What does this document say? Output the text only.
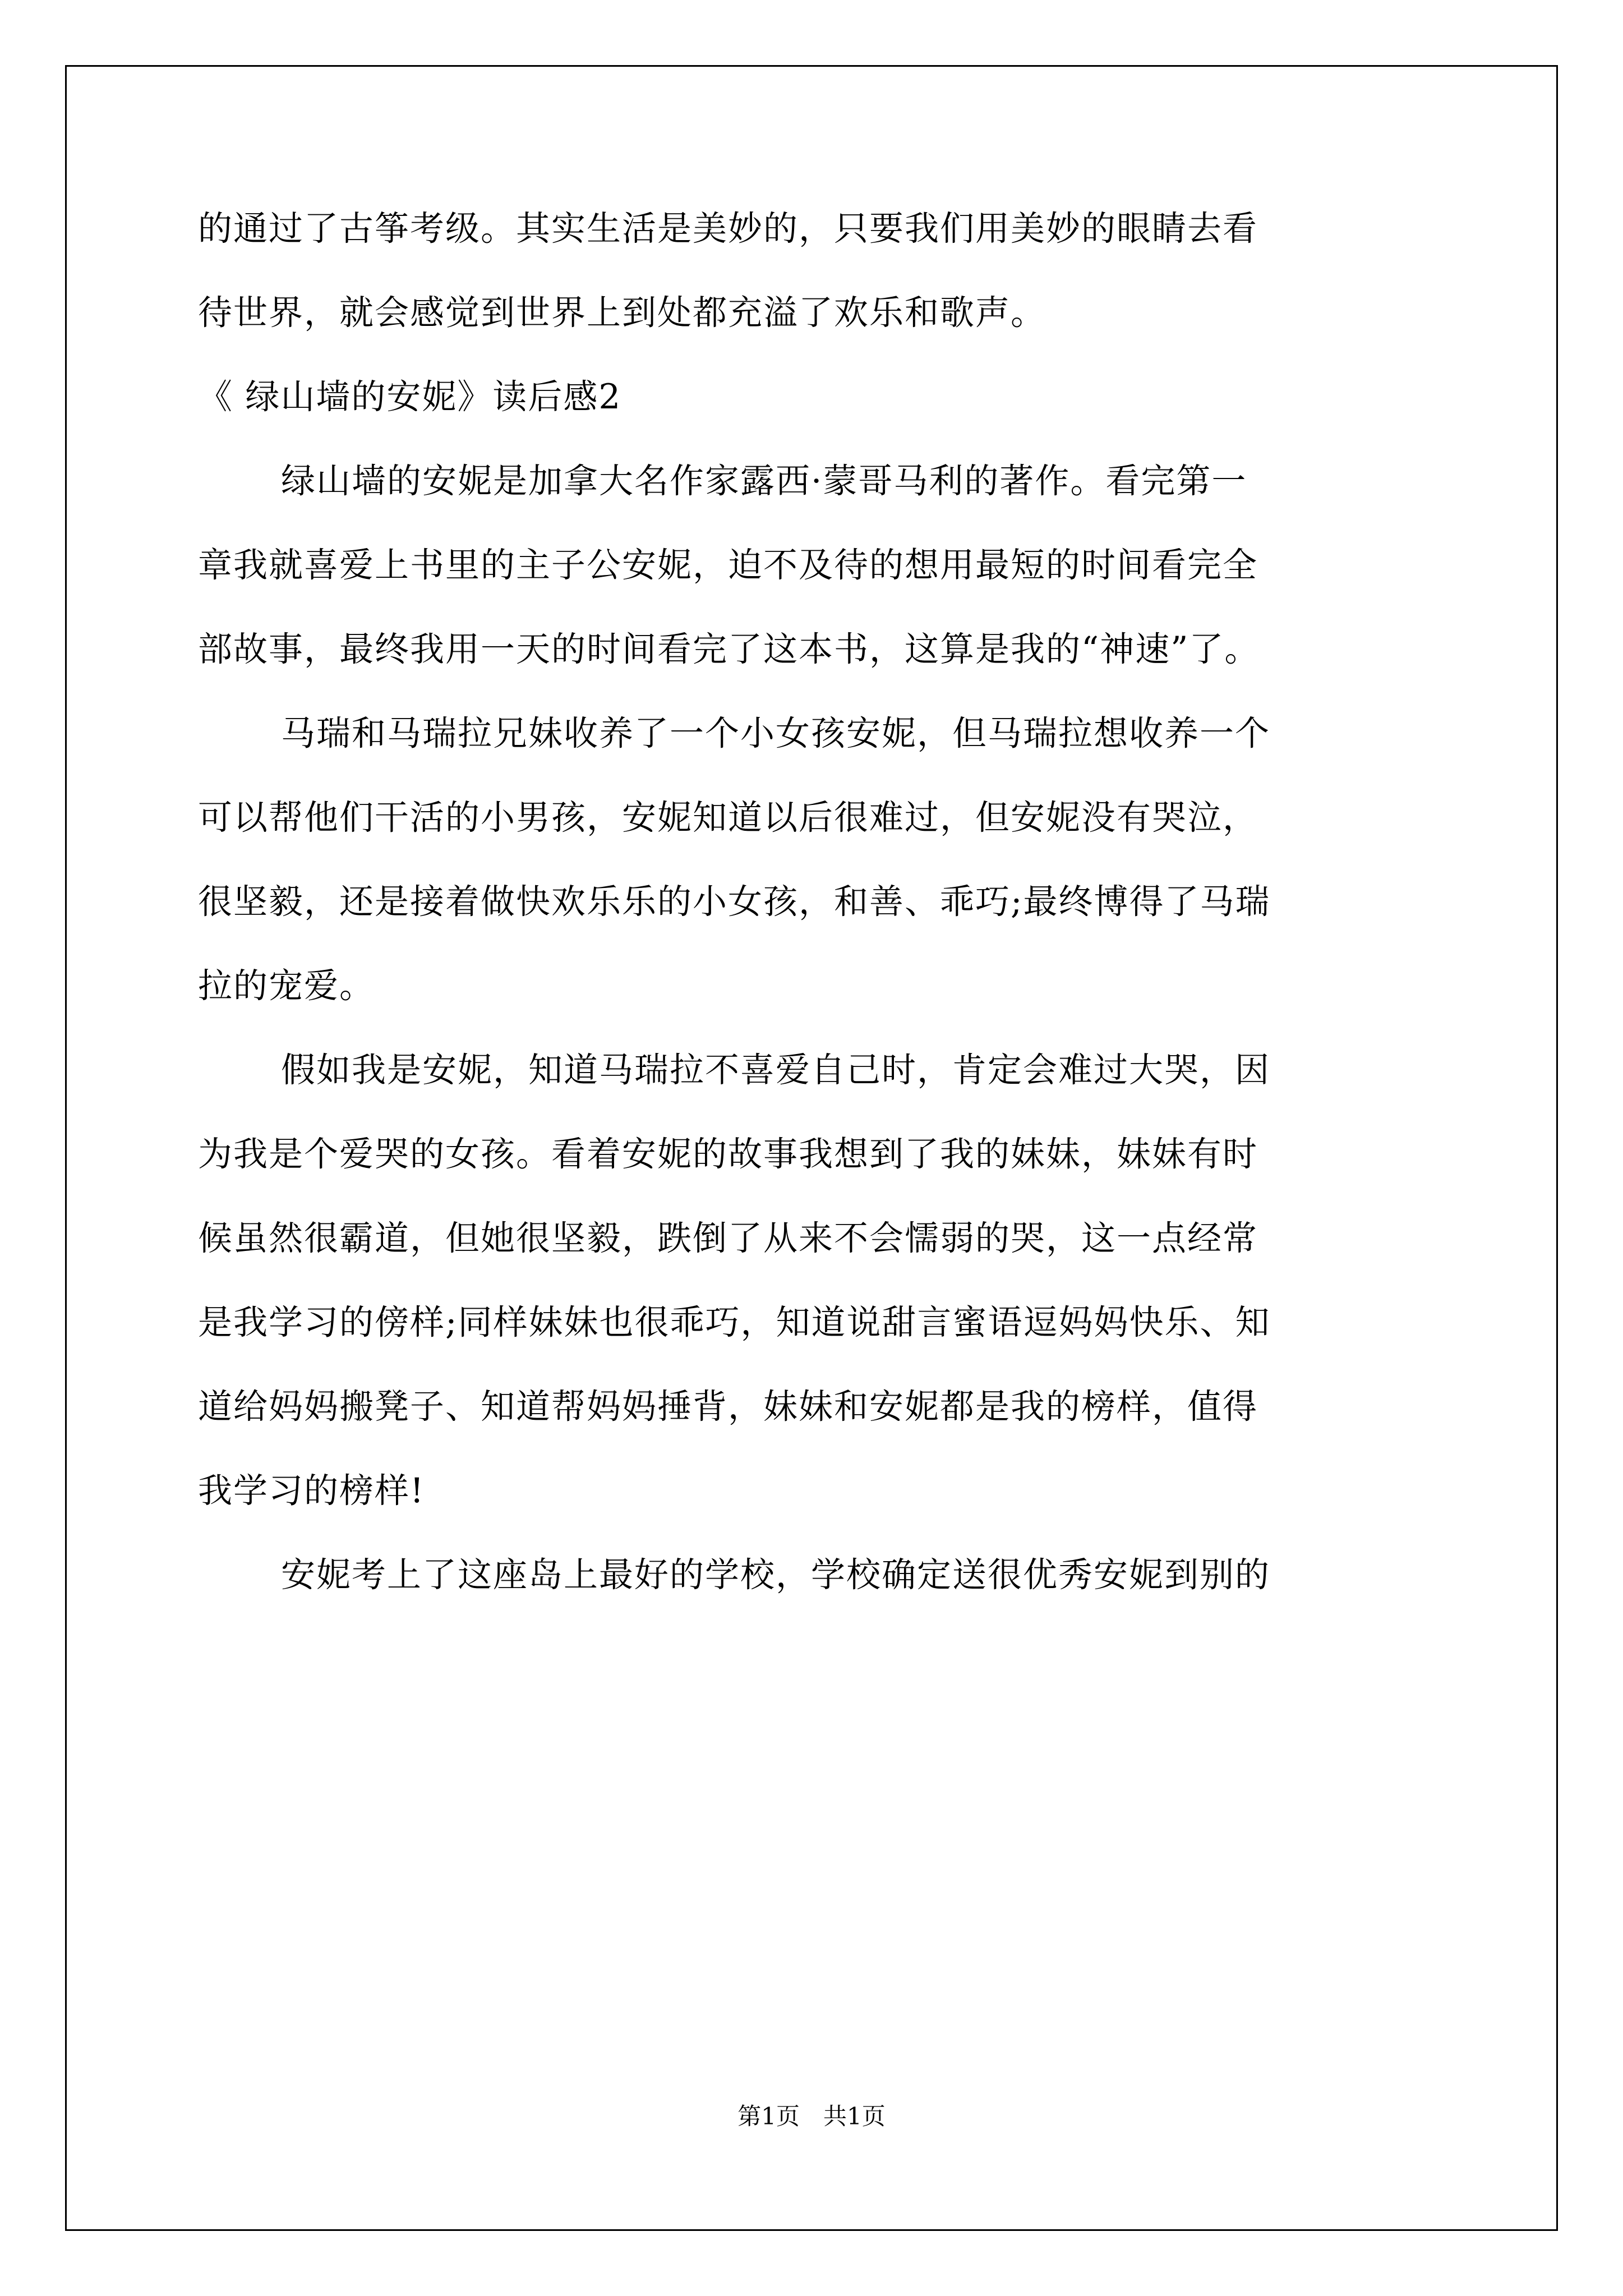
的通过了古筝考级。其实生活是美妙的，只要我们用美妙的眼睛去看
待世界，就会感觉到世界上到处都充溢了欢乐和歌声。
《 绿山墙的安妮》读后感2
绿山墙的安妮是加拿大名作家露西·蒙哥马利的著作。看完第一
章我就喜爱上书里的主子公安妮，迫不及待的想用最短的时间看完全
部故事，最终我用一天的时间看完了这本书，这算是我的“神速”了。
马瑞和马瑞拉兄妹收养了一个小女孩安妮，但马瑞拉想收养一个
可以帮他们干活的小男孩，安妮知道以后很难过，但安妮没有哭泣，
很坚毅，还是接着做快欢乐乐的小女孩，和善、乖巧;最终博得了马瑞
拉的宠爱。
假如我是安妮，知道马瑞拉不喜爱自己时，肯定会难过大哭，因
为我是个爱哭的女孩。看着安妮的故事我想到了我的妹妹，妹妹有时
候虽然很霸道，但她很坚毅，跌倒了从来不会懦弱的哭，这一点经常
是我学习的傍样;同样妹妹也很乖巧，知道说甜言蜜语逗妈妈快乐、知
道给妈妈搬凳子、知道帮妈妈捶背，妹妹和安妮都是我的榜样，值得
我学习的榜样!
安妮考上了这座岛上最好的学校，学校确定送很优秀安妮到别的
第1页 共1页
